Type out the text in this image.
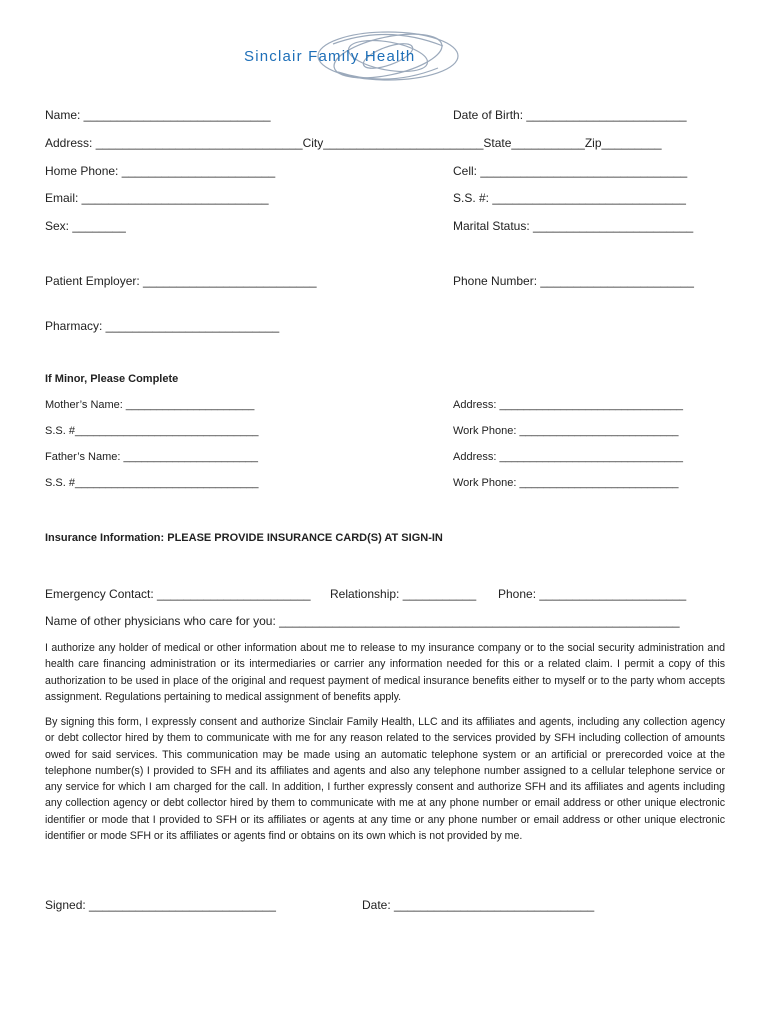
Sinclair Family Health
Name: ____________________________	Date of Birth: ________________________
Address: _______________________________City________________________State___________Zip_________
Home Phone: _______________________	Cell: _______________________________
Email: ____________________________	S.S. #: _____________________________
Sex: ________	Marital Status: ________________________
Patient Employer: __________________________	Phone Number: _______________________
Pharmacy: __________________________
If Minor, Please Complete
Mother’s Name: _____________________	Address: ______________________________
S.S. #______________________________	Work Phone: __________________________
Father’s Name: ______________________	Address: ______________________________
S.S. #______________________________	Work Phone: __________________________
Insurance Information: PLEASE PROVIDE INSURANCE CARD(S) AT SIGN-IN
Emergency Contact: _______________________ Relationship: ___________ Phone: ______________________
Name of other physicians who care for you: ____________________________________________________________
I authorize any holder of medical or other information about me to release to my insurance company or to the social security administration and health care financing administration or its intermediaries or carrier any information needed for this or a related claim. I permit a copy of this authorization to be used in place of the original and request payment of medical insurance benefits either to myself or to the party whom accepts assignment. Regulations pertaining to medical assignment of benefits apply.
By signing this form, I expressly consent and authorize Sinclair Family Health, LLC and its affiliates and agents, including any collection agency or debt collector hired by them to communicate with me for any reason related to the services provided by SFH including collection of amounts owed for said services. This communication may be made using an automatic telephone system or an artificial or prerecorded voice at the telephone number(s) I provided to SFH and its affiliates and agents and also any telephone number assigned to a cellular telephone service or any service for which I am charged for the call. In addition, I further expressly consent and authorize SFH and its affiliates and agents including any collection agency or debt collector hired by them to communicate with me at any phone number or email address or other unique electronic identifier or mode that I provided to SFH or its affiliates or agents at any time or any phone number or email address or other unique electronic identifier or mode SFH or its affiliates or agents find or obtains on its own which is not provided by me.
Signed: ____________________________	Date: ______________________________
